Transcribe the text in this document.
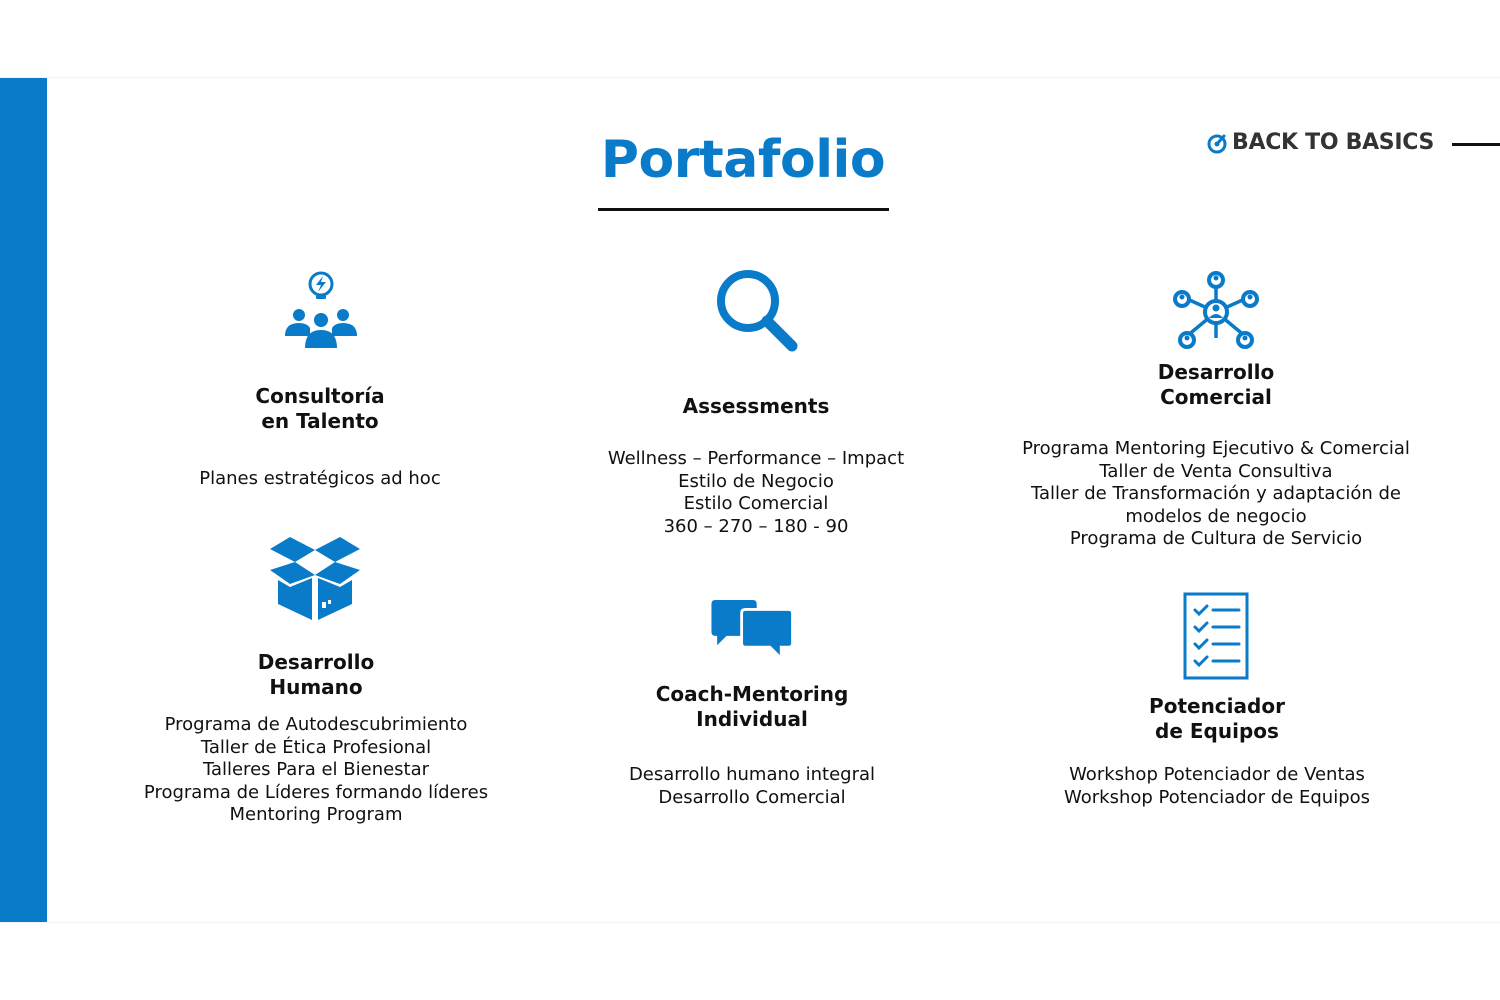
Portafolio	BACK TO BASICS
Consultoría
en Talento
Planes estratégicos ad hoc
Assessments
Wellness – Performance – Impact
Estilo de Negocio
Estilo Comercial
360 – 270 – 180 - 90
Desarrollo
Comercial
Programa Mentoring Ejecutivo & Comercial
Taller de Venta Consultiva
Taller de Transformación y adaptación de
modelos de negocio
Programa de Cultura de Servicio
Desarrollo
Humano
Programa de Autodescubrimiento
Taller de Ética Profesional
Talleres Para el Bienestar
Programa de Líderes formando líderes
Mentoring Program
Coach-Mentoring
Individual
Desarrollo humano integral
Desarrollo Comercial
Potenciador
de Equipos
Workshop Potenciador de Ventas
Workshop Potenciador de Equipos
